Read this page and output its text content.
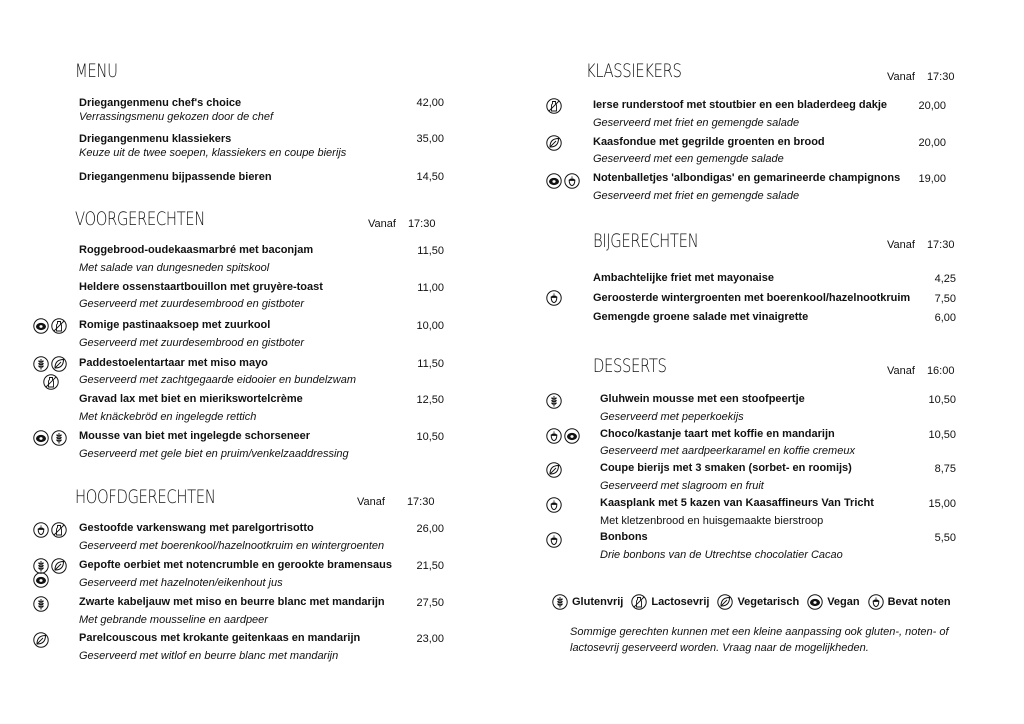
MENU
Driegangenmenu chef's choice	42,00
Verrassingsmenu gekozen door de chef
Driegangenmenu klassiekers	35,00
Keuze uit de twee soepen, klassiekers en coupe bierijs
Driegangenmenu bijpassende bieren	14,50
VOORGERECHTEN	Vanaf 17:30
Roggebrood-oudekaasmarbré met baconjam	11,50
Met salade van dungesneden spitskool
Heldere ossenstaartbouillon met gruyère-toast	11,00
Geserveerd met zuurdesembrood en gistboter
Romige pastinaaksoep met zuurkool	10,00
Geserveerd met zuurdesembrood en gistboter
Paddestoelentartaar met miso mayo	11,50
Geserveerd met zachtgegaarde eidooier en bundelzwam
Gravad lax met biet en mierikswortelcrème	12,50
Met knäckebröd en ingelegde rettich
Mousse van biet met ingelegde schorseneer	10,50
Geserveerd met gele biet en pruim/venkelzaaddressing
HOOFDGERECHTEN	Vanaf 17:30
Gestoofde varkenswang met parelgortrisotto	26,00
Geserveerd met boerenkool/hazelnootkruim en wintergroenten
Gepofte oerbiet met notencrumble en gerookte bramensaus	21,50
Geserveerd met hazelnoten/eikenhout jus
Zwarte kabeljauw met miso en beurre blanc met mandarijn	27,50
Met gebrande mousseline en aardpeer
Parelcouscous met krokante geitenkaas en mandarijn	23,00
Geserveerd met witlof en beurre blanc met mandarijn
KLASSIEKERS	Vanaf 17:30
Ierse runderstoof met stoutbier en een bladerdeeg dakje	20,00
Geserveerd met friet en gemengde salade
Kaasfondue met gegrilde groenten en brood	20,00
Geserveerd met een gemengde salade
Notenballetjes 'albondigas' en gemarineerde champignons	19,00
Geserveerd met friet en gemengde salade
BIJGERECHTEN	Vanaf 17:30
Ambachtelijke friet met mayonaise	4,25
Geroosterde wintergroenten met boerenkool/hazelnootkruim	7,50
Gemengde groene salade met vinaigrette	6,00
DESSERTS	Vanaf 16:00
Gluhwein mousse met een stoofpeertje	10,50
Geserveerd met peperkoekijs
Choco/kastanje taart met koffie en mandarijn	10,50
Geserveerd met aardpeerkaramel en koffie cremeux
Coupe bierijs met 3 smaken (sorbet- en roomijs)	8,75
Geserveerd met slagroom en fruit
Kaasplank met 5 kazen van Kaasaffineurs Van Tricht	15,00
Met kletzenbrood en huisgemaakte bierstroop
Bonbons	5,50
Drie bonbons van de Utrechtse chocolatier Cacao
Glutenvrij	Lactosevrij	Vegetarisch	Vegan	Bevat noten
Sommige gerechten kunnen met een kleine aanpassing ook gluten-, noten- of lactosevrij geserveerd worden. Vraag naar de mogelijkheden.
